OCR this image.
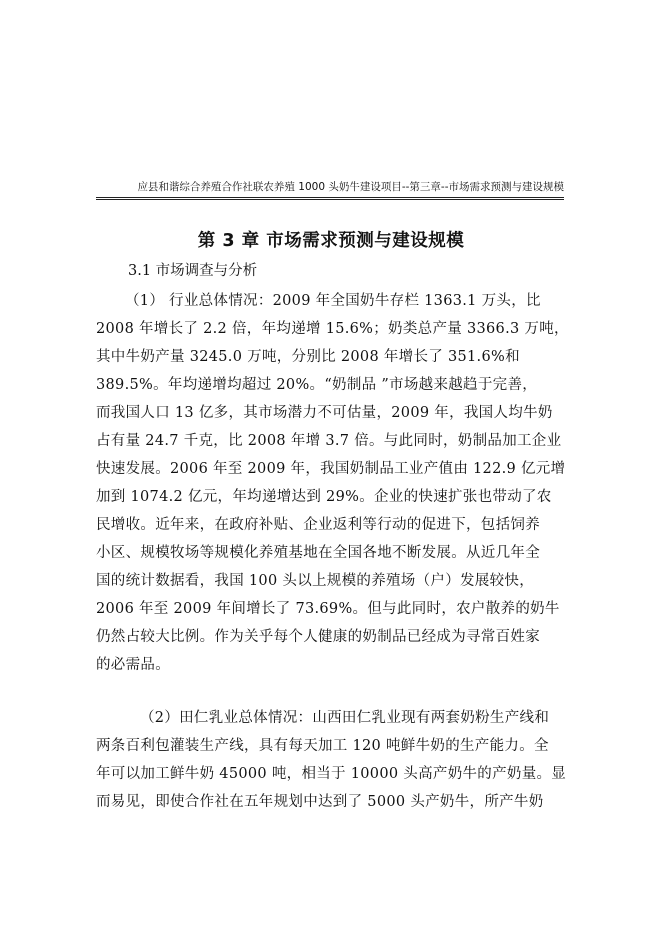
应县和谐综合养殖合作社联农养殖 1000 头奶牛建设项目--第三章--市场需求预测与建设规模
第 3 章 市场需求预测与建设规模
3.1 市场调查与分析
（1） 行业总体情况：2009 年全国奶牛存栏 1363.1 万头，比
2008 年增长了 2.2 倍，年均递增 15.6%；奶类总产量 3366.3 万吨，
其中牛奶产量 3245.0 万吨，分别比 2008 年增长了 351.6%和
389.5%。年均递增均超过 20%。“奶制品 ”市场越来越趋于完善，
而我国人口 13 亿多，其市场潜力不可估量，2009 年，我国人均牛奶
占有量 24.7 千克，比 2008 年增 3.7 倍。与此同时，奶制品加工企业
快速发展。2006 年至 2009 年，我国奶制品工业产值由 122.9 亿元增
加到 1074.2 亿元，年均递增达到 29%。企业的快速扩张也带动了农
民增收。近年来，在政府补贴、企业返利等行动的促进下，包括饲养
小区、规模牧场等规模化养殖基地在全国各地不断发展。从近几年全
国的统计数据看，我国 100 头以上规模的养殖场（户）发展较快，
2006 年至 2009 年间增长了 73.69%。但与此同时，农户散养的奶牛
仍然占较大比例。作为关乎每个人健康的奶制品已经成为寻常百姓家
的必需品。
（2）田仁乳业总体情况：山西田仁乳业现有两套奶粉生产线和
两条百利包灌装生产线，具有每天加工 120 吨鲜牛奶的生产能力。全
年可以加工鲜牛奶 45000 吨，相当于 10000 头高产奶牛的产奶量。显
而易见，即使合作社在五年规划中达到了 5000 头产奶牛，所产牛奶
